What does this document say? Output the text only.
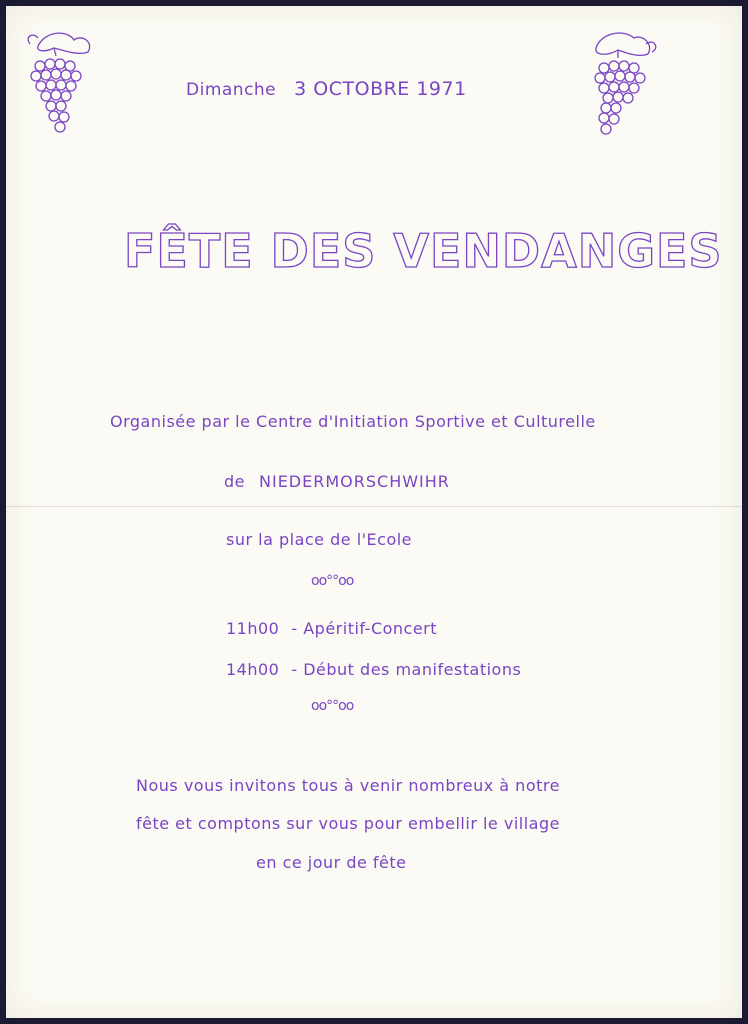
Dimanche 3 OCTOBRE 1971
FÊTE DES VENDANGES
Organisée par le Centre d'Initiation Sportive et Culturelle
de NIEDERMORSCHWIHR
sur la place de l'Ecole
oo°°oo
11h00 - Apéritif-Concert
14h00 - Début des manifestations
oo°°oo
Nous vous invitons tous à venir nombreux à notre
fête et comptons sur vous pour embellir le village
en ce jour de fête
